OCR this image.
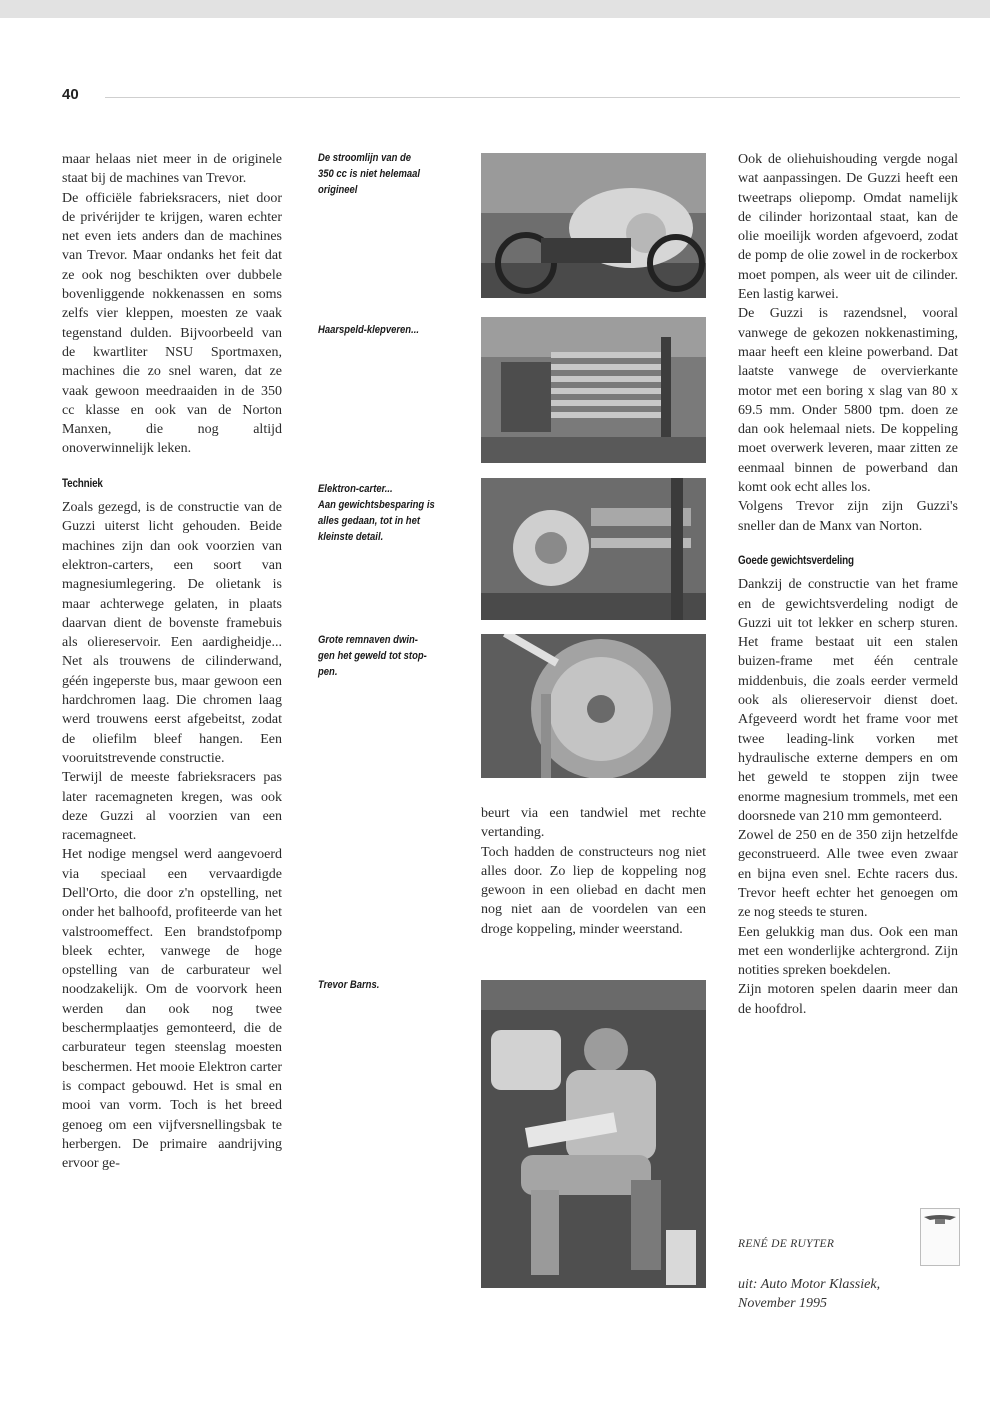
40

maar helaas niet meer in de originele staat bij de machines van Trevor.

De officiële fabrieksracers, niet door de privérijder te krijgen, waren echter net even iets anders dan de machines van Trevor. Maar ondanks het feit dat ze ook nog beschikten over dubbele bovenliggende nokkenassen en soms zelfs vier kleppen, moesten ze vaak tegenstand dulden. Bijvoorbeeld van de kwartliter NSU Sportmaxen, machines die zo snel waren, dat ze vaak gewoon meedraaiden in de 350 cc klasse en ook van de Norton Manxen, die nog altijd onoverwinnelijk leken.

Techniek

Zoals gezegd, is de constructie van de Guzzi uiterst licht gehouden. Beide machines zijn dan ook voorzien van elektron-carters, een soort van magnesiumlegering. De olietank is maar achterwege gelaten, in plaats daarvan dient de bovenste framebuis als oliereservoir. Een aardigheidje... Net als trouwens de cilinderwand, géén ingeperste bus, maar gewoon een hardchromen laag. Die chromen laag werd trouwens eerst afgebeitst, zodat de oliefilm bleef hangen. Een vooruitstrevende constructie.

Terwijl de meeste fabrieksracers pas later racemagneten kregen, was ook deze Guzzi al voorzien van een racemagneet.

Het nodige mengsel werd aangevoerd via speciaal een vervaardigde Dell'Orto, die door z'n opstelling, net onder het balhoofd, profiteerde van het valstroomeffect. Een brandstofpomp bleek echter, vanwege de hoge opstelling van de carburateur wel noodzakelijk. Om de voorvork heen werden dan ook nog twee beschermplaatjes gemonteerd, die de carburateur tegen steenslag moesten beschermen. Het mooie Elektron carter is compact gebouwd. Het is smal en mooi van vorm. Toch is het breed genoeg om een vijfversnellingsbak te herbergen. De primaire aandrijving ervoor ge-

De stroomlijn van de
350 cc is niet helemaal
origineel
Haarspeld-klepveren...
Elektron-carter...
Aan gewichtsbesparing is
alles gedaan, tot in het
kleinste detail.
Grote remnaven dwin-
gen het geweld tot stop-
pen.
Trevor Barns.

beurt via een tandwiel met rechte vertanding.

Toch hadden de constructeurs nog niet alles door. Zo liep de koppeling nog gewoon in een oliebad en dacht men nog niet aan de voordelen van een droge koppeling, minder weerstand.

Ook de oliehuishouding vergde nogal wat aanpassingen. De Guzzi heeft een tweetraps oliepomp. Omdat namelijk de cilinder horizontaal staat, kan de olie moeilijk worden afgevoerd, zodat de pomp de olie zowel in de rockerbox moet pompen, als weer uit de cilinder. Een lastig karwei.

De Guzzi is razendsnel, vooral vanwege de gekozen nokkenastiming, maar heeft een kleine powerband. Dat laatste vanwege de overvierkante motor met een boring x slag van 80 x 69.5 mm. Onder 5800 tpm. doen ze dan ook helemaal niets. De koppeling moet overwerk leveren, maar zitten ze eenmaal binnen de powerband dan komt ook echt alles los.

Volgens Trevor zijn zijn Guzzi's sneller dan de Manx van Norton.

Goede gewichtsverdeling

Dankzij de constructie van het frame en de gewichtsverdeling nodigt de Guzzi uit tot lekker en scherp sturen. Het frame bestaat uit een stalen buizen-frame met één centrale middenbuis, die zoals eerder vermeld ook als oliereservoir dienst doet. Afgeveerd wordt het frame voor met twee leading-link vorken met hydraulische externe dempers en om het geweld te stoppen zijn twee enorme magnesium trommels, met een doorsnede van 210 mm gemonteerd.

Zowel de 250 en de 350 zijn hetzelfde geconstrueerd. Alle twee even zwaar en bijna even snel. Echte racers dus. Trevor heeft echter het genoegen om ze nog steeds te sturen.

Een gelukkig man dus. Ook een man met een wonderlijke achtergrond. Zijn notities spreken boekdelen.

Zijn motoren spelen daarin meer dan de hoofdrol.

RENÉ DE RUYTER
uit: Auto Motor Klassiek,
November 1995
